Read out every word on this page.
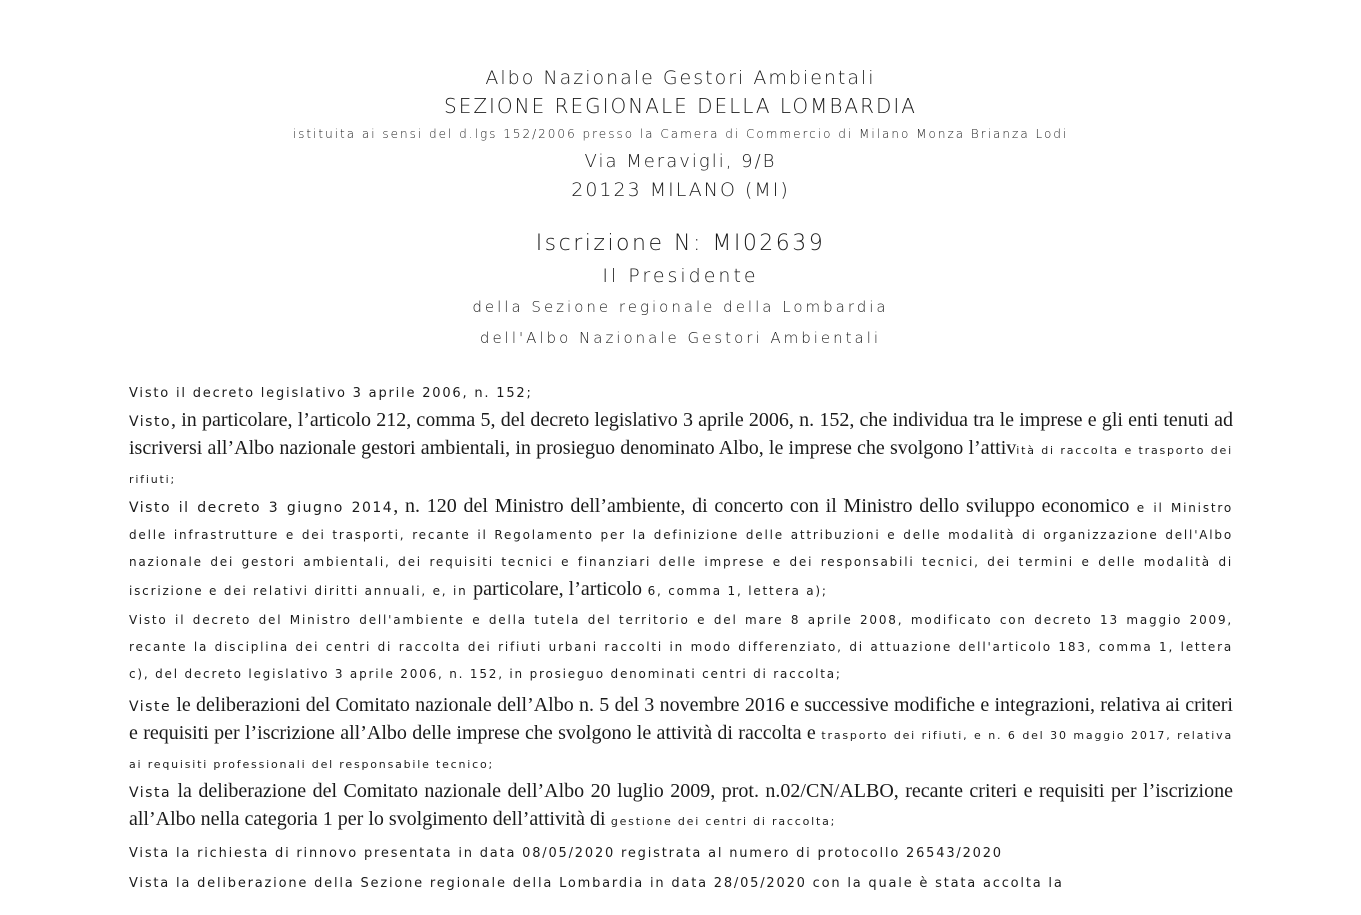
Albo Nazionale Gestori Ambientali
SEZIONE REGIONALE DELLA LOMBARDIA
istituita ai sensi del d.lgs 152/2006 presso la Camera di Commercio di Milano Monza Brianza Lodi
Via Meravigli, 9/B
20123 MILANO (MI)
Iscrizione N: MI02639
Il Presidente
della Sezione regionale della Lombardia
dell'Albo Nazionale Gestori Ambientali

Visto il decreto legislativo 3 aprile 2006, n. 152;

Visto, in particolare, l’articolo 212, comma 5, del decreto legislativo 3 aprile 2006, n. 152, che individua tra le imprese e gli enti tenuti ad iscriversi all’Albo nazionale gestori ambientali, in prosieguo denominato Albo, le imprese che svolgono l’attività di raccolta e trasporto dei rifiuti;

Visto il decreto 3 giugno 2014, n. 120 del Ministro dell’ambiente, di concerto con il Ministro dello sviluppo economico e il Ministro delle infrastrutture e dei trasporti, recante il Regolamento per la definizione delle attribuzioni e delle modalità di organizzazione dell'Albo nazionale dei gestori ambientali, dei requisiti tecnici e finanziari delle imprese e dei responsabili tecnici, dei termini e delle modalità di iscrizione e dei relativi diritti annuali, e, in particolare, l’articolo 6, comma 1, lettera a);

Visto il decreto del Ministro dell'ambiente e della tutela del territorio e del mare 8 aprile 2008, modificato con decreto 13 maggio 2009, recante la disciplina dei centri di raccolta dei rifiuti urbani raccolti in modo differenziato, di attuazione dell'articolo 183, comma 1, lettera c), del decreto legislativo 3 aprile 2006, n. 152, in prosieguo denominati centri di raccolta;

Viste le deliberazioni del Comitato nazionale dell’Albo n. 5 del 3 novembre 2016 e successive modifiche e integrazioni, relativa ai criteri e requisiti per l’iscrizione all’Albo delle imprese che svolgono le attività di raccolta e trasporto dei rifiuti, e n. 6 del 30 maggio 2017, relativa ai requisiti professionali del responsabile tecnico;

Vista la deliberazione del Comitato nazionale dell’Albo 20 luglio 2009, prot. n.02/CN/ALBO, recante criteri e requisiti per l’iscrizione all’Albo nella categoria 1 per lo svolgimento dell’attività di gestione dei centri di raccolta;

Vista la richiesta di rinnovo presentata in data 08/05/2020 registrata al numero di protocollo 26543/2020

Vista la deliberazione della Sezione regionale della Lombardia in data 28/05/2020 con la quale è stata accolta la
